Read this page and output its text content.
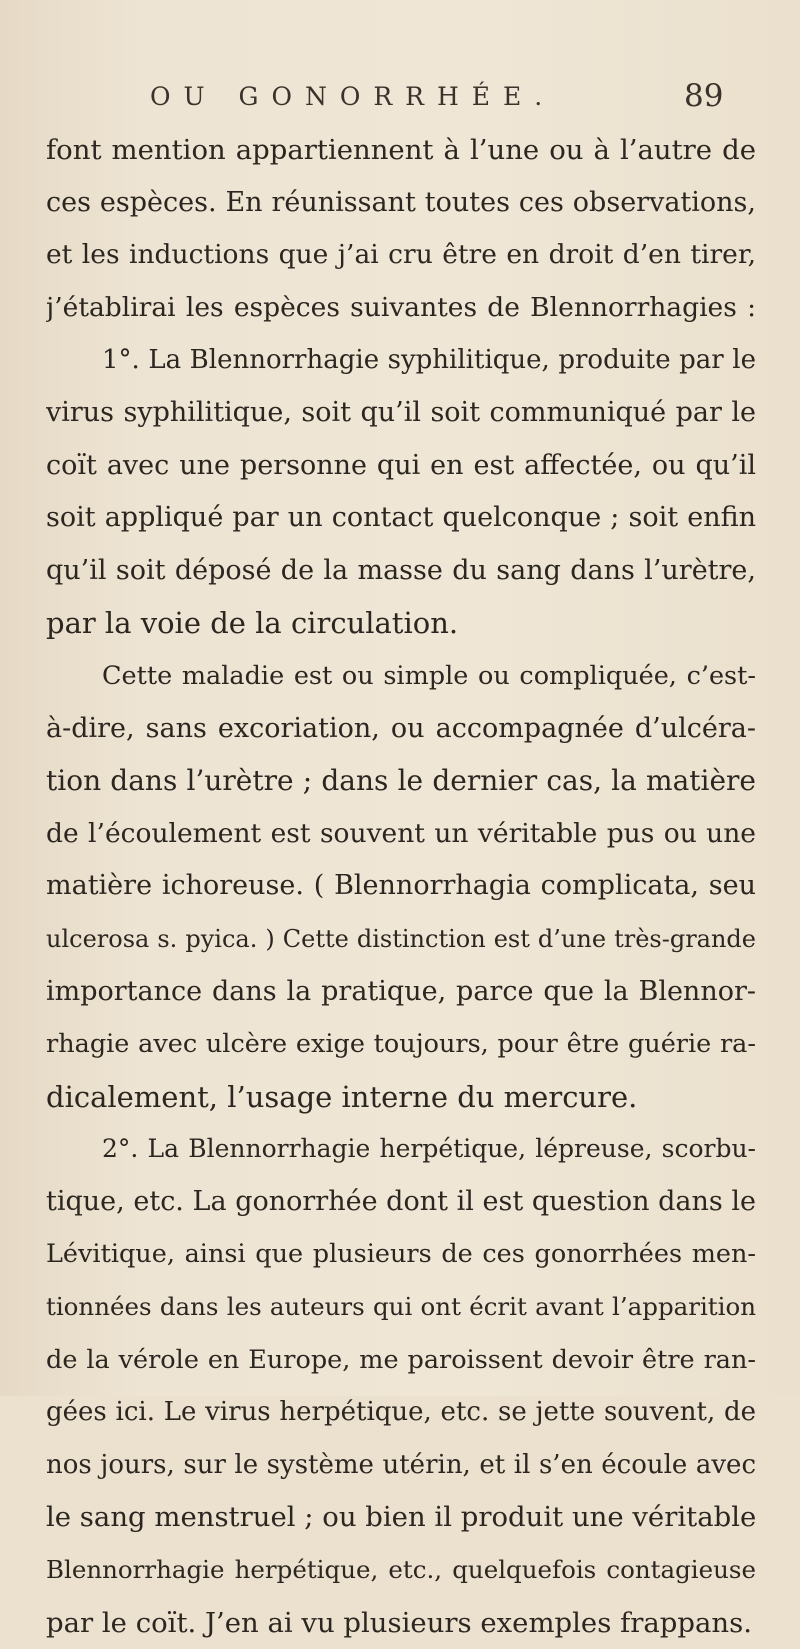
OU GONORRHÉE.	89
font mention appartiennent à l’une ou à l’autre de
ces espèces. En réunissant toutes ces observations,
et les inductions que j’ai cru être en droit d’en tirer,
j’établirai les espèces suivantes de Blennorrhagies :
1°. La Blennorrhagie syphilitique, produite par le
virus syphilitique, soit qu’il soit communiqué par le
coït avec une personne qui en est affectée, ou qu’il
soit appliqué par un contact quelconque ; soit enfin
qu’il soit déposé de la masse du sang dans l’urètre,
par la voie de la circulation.
Cette maladie est ou simple ou compliquée, c’est-
à-dire, sans excoriation, ou accompagnée d’ulcéra-
tion dans l’urètre ; dans le dernier cas, la matière
de l’écoulement est souvent un véritable pus ou une
matière ichoreuse. ( Blennorrhagia complicata, seu
ulcerosa s. pyica. ) Cette distinction est d’une très-grande
importance dans la pratique, parce que la Blennor-
rhagie avec ulcère exige toujours, pour être guérie ra-
dicalement, l’usage interne du mercure.
2°. La Blennorrhagie herpétique, lépreuse, scorbu-
tique, etc. La gonorrhée dont il est question dans le
Lévitique, ainsi que plusieurs de ces gonorrhées men-
tionnées dans les auteurs qui ont écrit avant l’apparition
de la vérole en Europe, me paroissent devoir être ran-
gées ici. Le virus herpétique, etc. se jette souvent, de
nos jours, sur le système utérin, et il s’en écoule avec
le sang menstruel ; ou bien il produit une véritable
Blennorrhagie herpétique, etc., quelquefois contagieuse
par le coït. J’en ai vu plusieurs exemples frappans.
